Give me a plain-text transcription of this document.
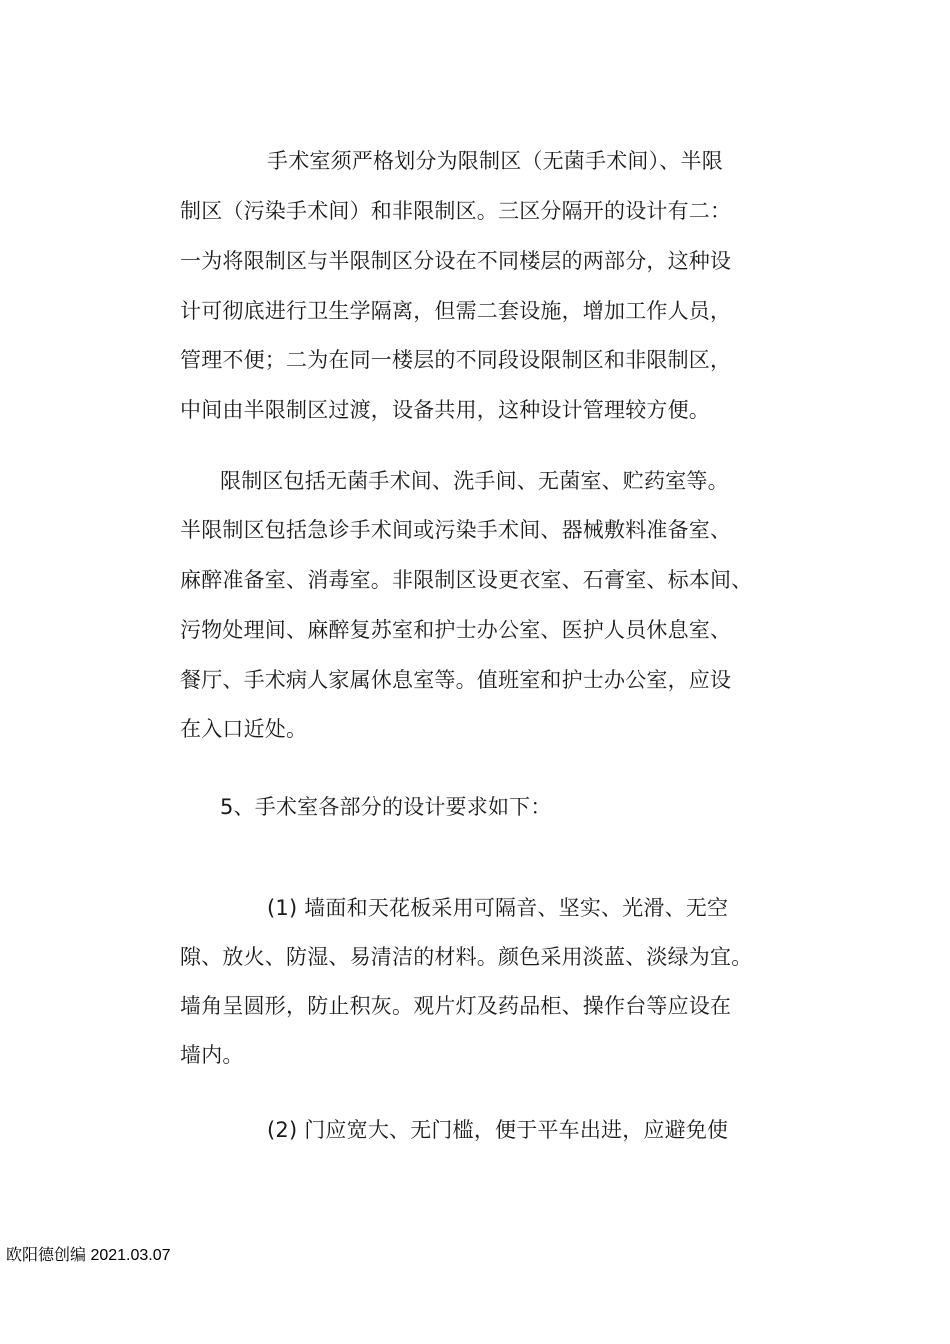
手术室须严格划分为限制区（无菌手术间）、半限
制区（污染手术间）和非限制区。三区分隔开的设计有二：
一为将限制区与半限制区分设在不同楼层的两部分，这种设
计可彻底进行卫生学隔离，但需二套设施，增加工作人员，
管理不便；二为在同一楼层的不同段设限制区和非限制区，
中间由半限制区过渡，设备共用，这种设计管理较方便。
限制区包括无菌手术间、洗手间、无菌室、贮药室等。
半限制区包括急诊手术间或污染手术间、器械敷料准备室、
麻醉准备室、消毒室。非限制区设更衣室、石膏室、标本间、
污物处理间、麻醉复苏室和护士办公室、医护人员休息室、
餐厅、手术病人家属休息室等。值班室和护士办公室，应设
在入口近处。
5、手术室各部分的设计要求如下：
(1) 墙面和天花板采用可隔音、坚实、光滑、无空
隙、放火、防湿、易清洁的材料。颜色采用淡蓝、淡绿为宜。
墙角呈圆形，防止积灰。观片灯及药品柜、操作台等应设在
墙内。
(2) 门应宽大、无门槛，便于平车出进，应避免使
欧阳德创编 2021.03.07
